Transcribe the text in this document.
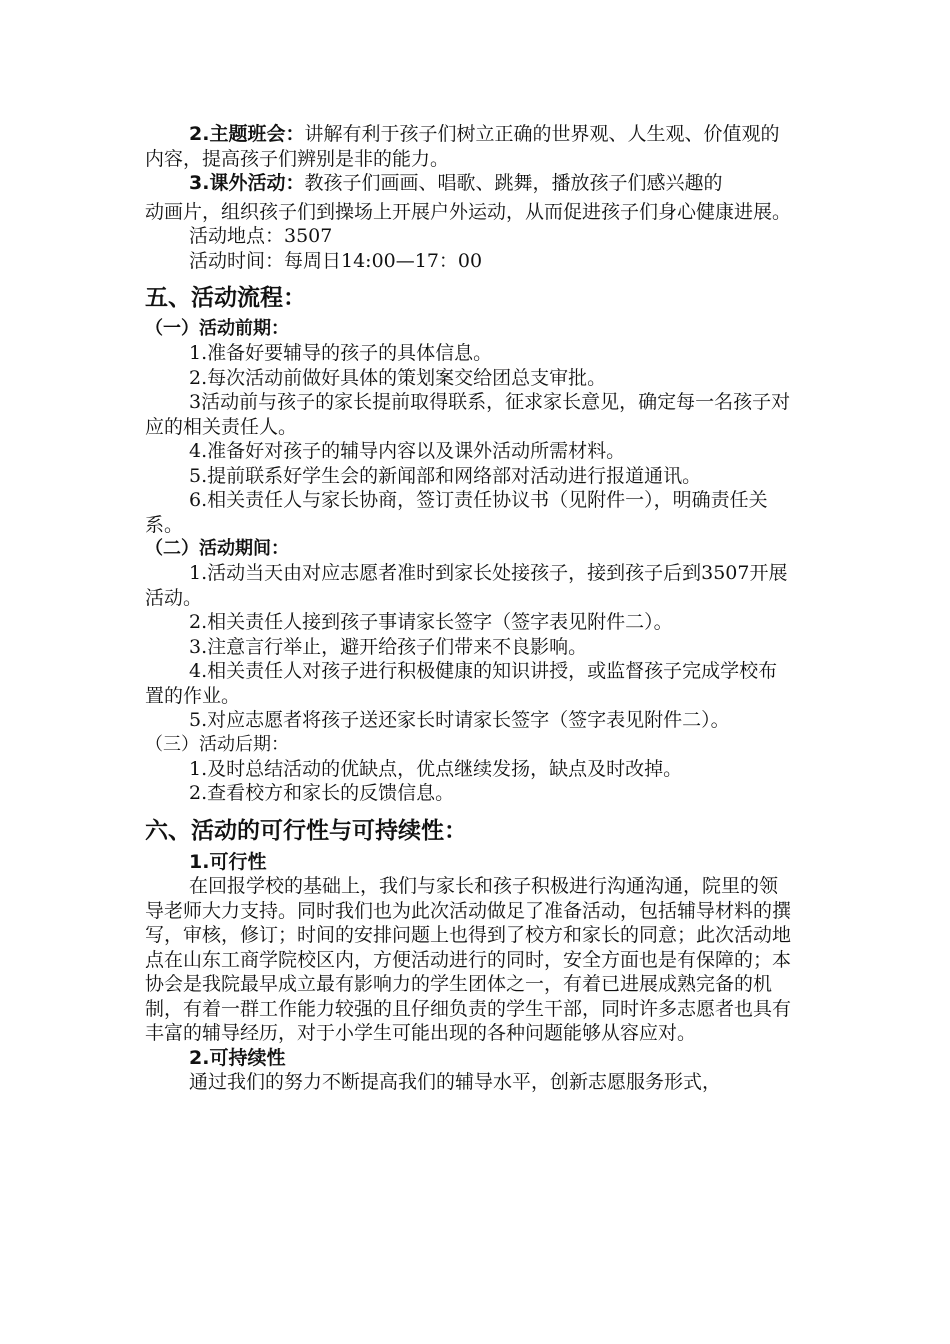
2.主题班会：讲解有利于孩子们树立正确的世界观、人生观、价值观的内容，提高孩子们辨别是非的能力。

3.课外活动：教孩子们画画、唱歌、跳舞，播放孩子们感兴趣的

动画片，组织孩子们到操场上开展户外运动，从而促进孩子们身心健康进展。

活动地点：3507

活动时间：每周日14:00—17：00

五、活动流程：

（一）活动前期：

1.准备好要辅导的孩子的具体信息。

2.每次活动前做好具体的策划案交给团总支审批。

3活动前与孩子的家长提前取得联系，征求家长意见，确定每一名孩子对应的相关责任人。

4.准备好对孩子的辅导内容以及课外活动所需材料。

5.提前联系好学生会的新闻部和网络部对活动进行报道通讯。

6.相关责任人与家长协商，签订责任协议书（见附件一），明确责任关系。

（二）活动期间：

1.活动当天由对应志愿者准时到家长处接孩子，接到孩子后到3507开展活动。

2.相关责任人接到孩子事请家长签字（签字表见附件二）。

3.注意言行举止，避开给孩子们带来不良影响。

4.相关责任人对孩子进行积极健康的知识讲授，或监督孩子完成学校布置的作业。

5.对应志愿者将孩子送还家长时请家长签字（签字表见附件二）。

（三）活动后期：

1.及时总结活动的优缺点，优点继续发扬，缺点及时改掉。

2.查看校方和家长的反馈信息。

六、活动的可行性与可持续性：

1.可行性

在回报学校的基础上，我们与家长和孩子积极进行沟通沟通，院里的领导老师大力支持。同时我们也为此次活动做足了准备活动，包括辅导材料的撰写，审核，修订；时间的安排问题上也得到了校方和家长的同意；此次活动地点在山东工商学院校区内，方便活动进行的同时，安全方面也是有保障的；本协会是我院最早成立最有影响力的学生团体之一，有着已进展成熟完备的机制，有着一群工作能力较强的且仔细负责的学生干部，同时许多志愿者也具有丰富的辅导经历，对于小学生可能出现的各种问题能够从容应对。

2.可持续性

通过我们的努力不断提高我们的辅导水平，创新志愿服务形式，
